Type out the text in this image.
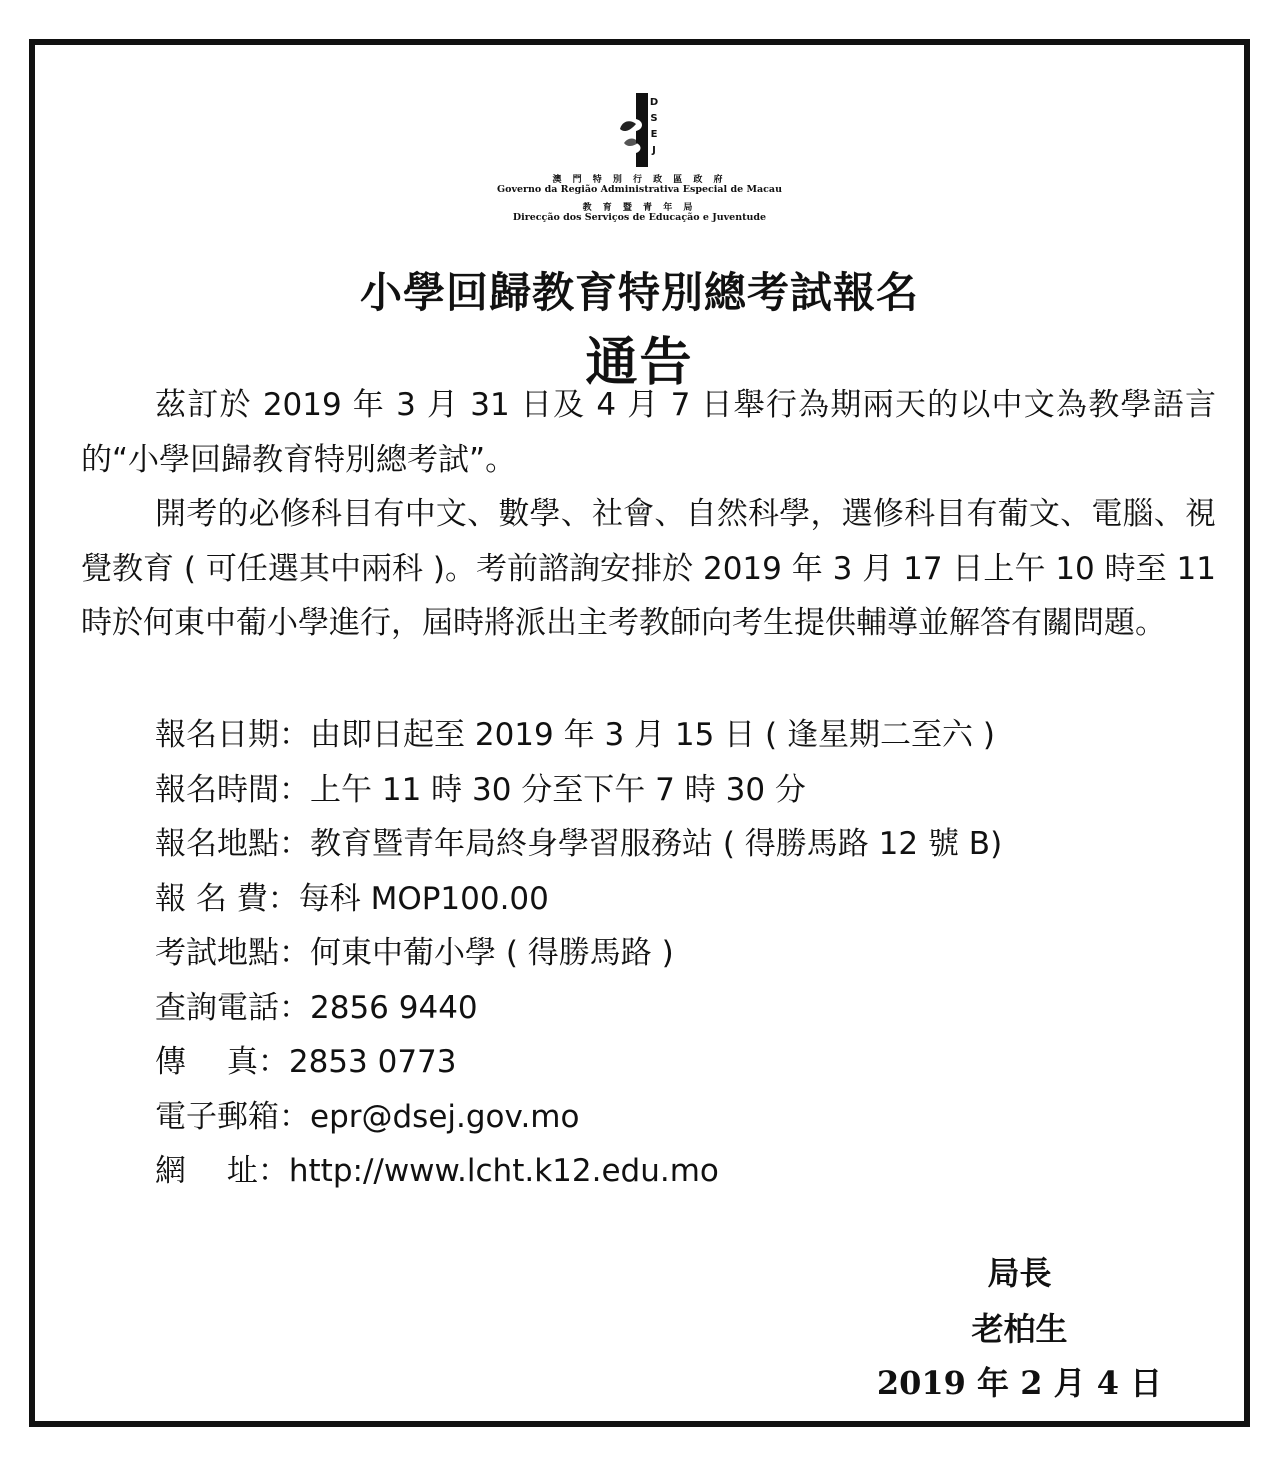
D
S
E
J
澳 門 特 別 行 政 區 政 府
Governo da Região Administrativa Especial de Macau
教 育 暨 青 年 局
Direcção dos Serviços de Educação e Juventude
小學回歸教育特別總考試報名
通告

茲訂於 2019 年 3 月 31 日及 4 月 7 日舉行為期兩天的以中文為教學語言的“小學回歸教育特別總考試”。

開考的必修科目有中文、數學、社會、自然科學，選修科目有葡文、電腦、視覺教育 ( 可任選其中兩科 )。考前諮詢安排於 2019 年 3 月 17 日上午 10 時至 11 時於何東中葡小學進行，屆時將派出主考教師向考生提供輔導並解答有關問題。

報名日期：由即日起至 2019 年 3 月 15 日 ( 逢星期二至六 )
報名時間：上午 11 時 30 分至下午 7 時 30 分
報名地點：教育暨青年局終身學習服務站 ( 得勝馬路 12 號 B)
報 名 費：每科 MOP100.00
考試地點：何東中葡小學 ( 得勝馬路 )
查詢電話：2856 9440
傳　 真：2853 0773
電子郵箱：epr@dsej.gov.mo
網　 址：http://www.lcht.k12.edu.mo
局長
老柏生
2019 年 2 月 4 日
